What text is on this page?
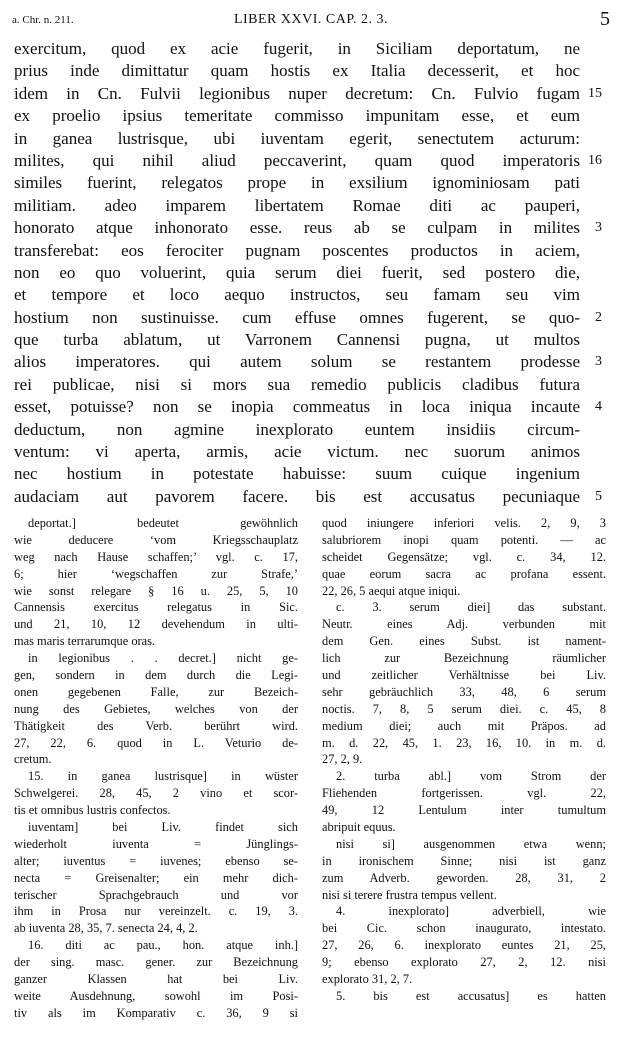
a. Chr. n. 211.	LIBER XXVI. CAP. 2. 3.	5
exercitum, quod ex acie fugerit, in Siciliam deportatum, ne
prius inde dimittatur quam hostis ex Italia decesserit, et hoc
idem in Cn. Fulvii legionibus nuper decretum: Cn. Fulvio fugam 15
ex proelio ipsius temeritate commisso impunitam esse, et eum
in ganea lustrisque, ubi iuventam egerit, senectutem acturum:
milites, qui nihil aliud peccaverint, quam quod imperatoris 16
similes fuerint, relegatos prope in exsilium ignominiosam pati
militiam. adeo imparem libertatem Romae diti ac pauperi,
honorato atque inhonorato esse. reus ab se culpam in milites 3
transferebat: eos ferociter pugnam poscentes productos in aciem,
non eo quo voluerint, quia serum diei fuerit, sed postero die,
et tempore et loco aequo instructos, seu famam seu vim
hostium non sustinuisse. cum effuse omnes fugerent, se quo- 2
que turba ablatum, ut Varronem Cannensi pugna, ut multos
alios imperatores. qui autem solum se restantem prodesse 3
rei publicae, nisi si mors sua remedio publicis cladibus futura
esset, potuisse? non se inopia commeatus in loca iniqua incaute 4
deductum, non agmine inexplorato euntem insidiis circum-
ventum: vi aperta, armis, acie victum. nec suorum animos
nec hostium in potestate habuisse: suum cuique ingenium
audaciam aut pavorem facere. bis est accusatus pecuniaque 5
deportat.] bedeutet gewöhnlich
wie deducere ‘vom Kriegsschauplatz
weg nach Hause schaffen;’ vgl. c. 17,
6; hier ‘wegschaffen zur Strafe,’
wie sonst relegare § 16 u. 25, 5, 10
Cannensis exercitus relegatus in Sic.
und 21, 10, 12 devehendum in ulti-
mas maris terrarumque oras.
in legionibus . . decret.] nicht ge-
gen, sondern in dem durch die Legi-
onen gegebenen Falle, zur Bezeich-
nung des Gebietes, welches von der
Thätigkeit des Verb. berührt wird.
27, 22, 6. quod in L. Veturio de-
cretum.
15. in ganea lustrisque] in wüster
Schwelgerei. 28, 45, 2 vino et scor-
tis et omnibus lustris confectos.
iuventam] bei Liv. findet sich
wiederholt iuventa = Jünglings-
alter; iuventus = iuvenes; ebenso se-
necta = Greisenalter; ein mehr dich-
terischer Sprachgebrauch und vor
ihm in Prosa nur vereinzelt. c. 19, 3.
ab iuventa 28, 35, 7. senecta 24, 4, 2.
16. diti ac pau., hon. atque inh.]
der sing. masc. gener. zur Bezeichnung
ganzer Klassen hat bei Liv.
weite Ausdehnung, sowohl im Posi-
tiv als im Komparativ c. 36, 9 si
quod iniungere inferiori velis. 2, 9, 3
salubriorem inopi quam potenti. — ac
scheidet Gegensätze; vgl. c. 34, 12.
quae eorum sacra ac profana essent.
22, 26, 5 aequi atque iniqui.
c. 3. serum diei] das substant.
Neutr. eines Adj. verbunden mit
dem Gen. eines Subst. ist nament-
lich zur Bezeichnung räumlicher
und zeitlicher Verhältnisse bei Liv.
sehr gebräuchlich 33, 48, 6 serum
noctis. 7, 8, 5 serum diei. c. 45, 8
medium diei; auch mit Präpos. ad
m. d. 22, 45, 1. 23, 16, 10. in m. d.
27, 2, 9.
2. turba abl.] vom Strom der
Fliehenden fortgerissen. vgl. 22,
49, 12 Lentulum inter tumultum
abripuit equus.
nisi si] ausgenommen etwa wenn;
in ironischem Sinne; nisi ist ganz
zum Adverb. geworden. 28, 31, 2
nisi si terere frustra tempus vellent.
4. inexplorato] adverbiell, wie
bei Cic. schon inaugurato, intestato.
27, 26, 6. inexplorato euntes 21, 25,
9; ebenso explorato 27, 2, 12. nisi
explorato 31, 2, 7.
5. bis est accusatus] es hatten
